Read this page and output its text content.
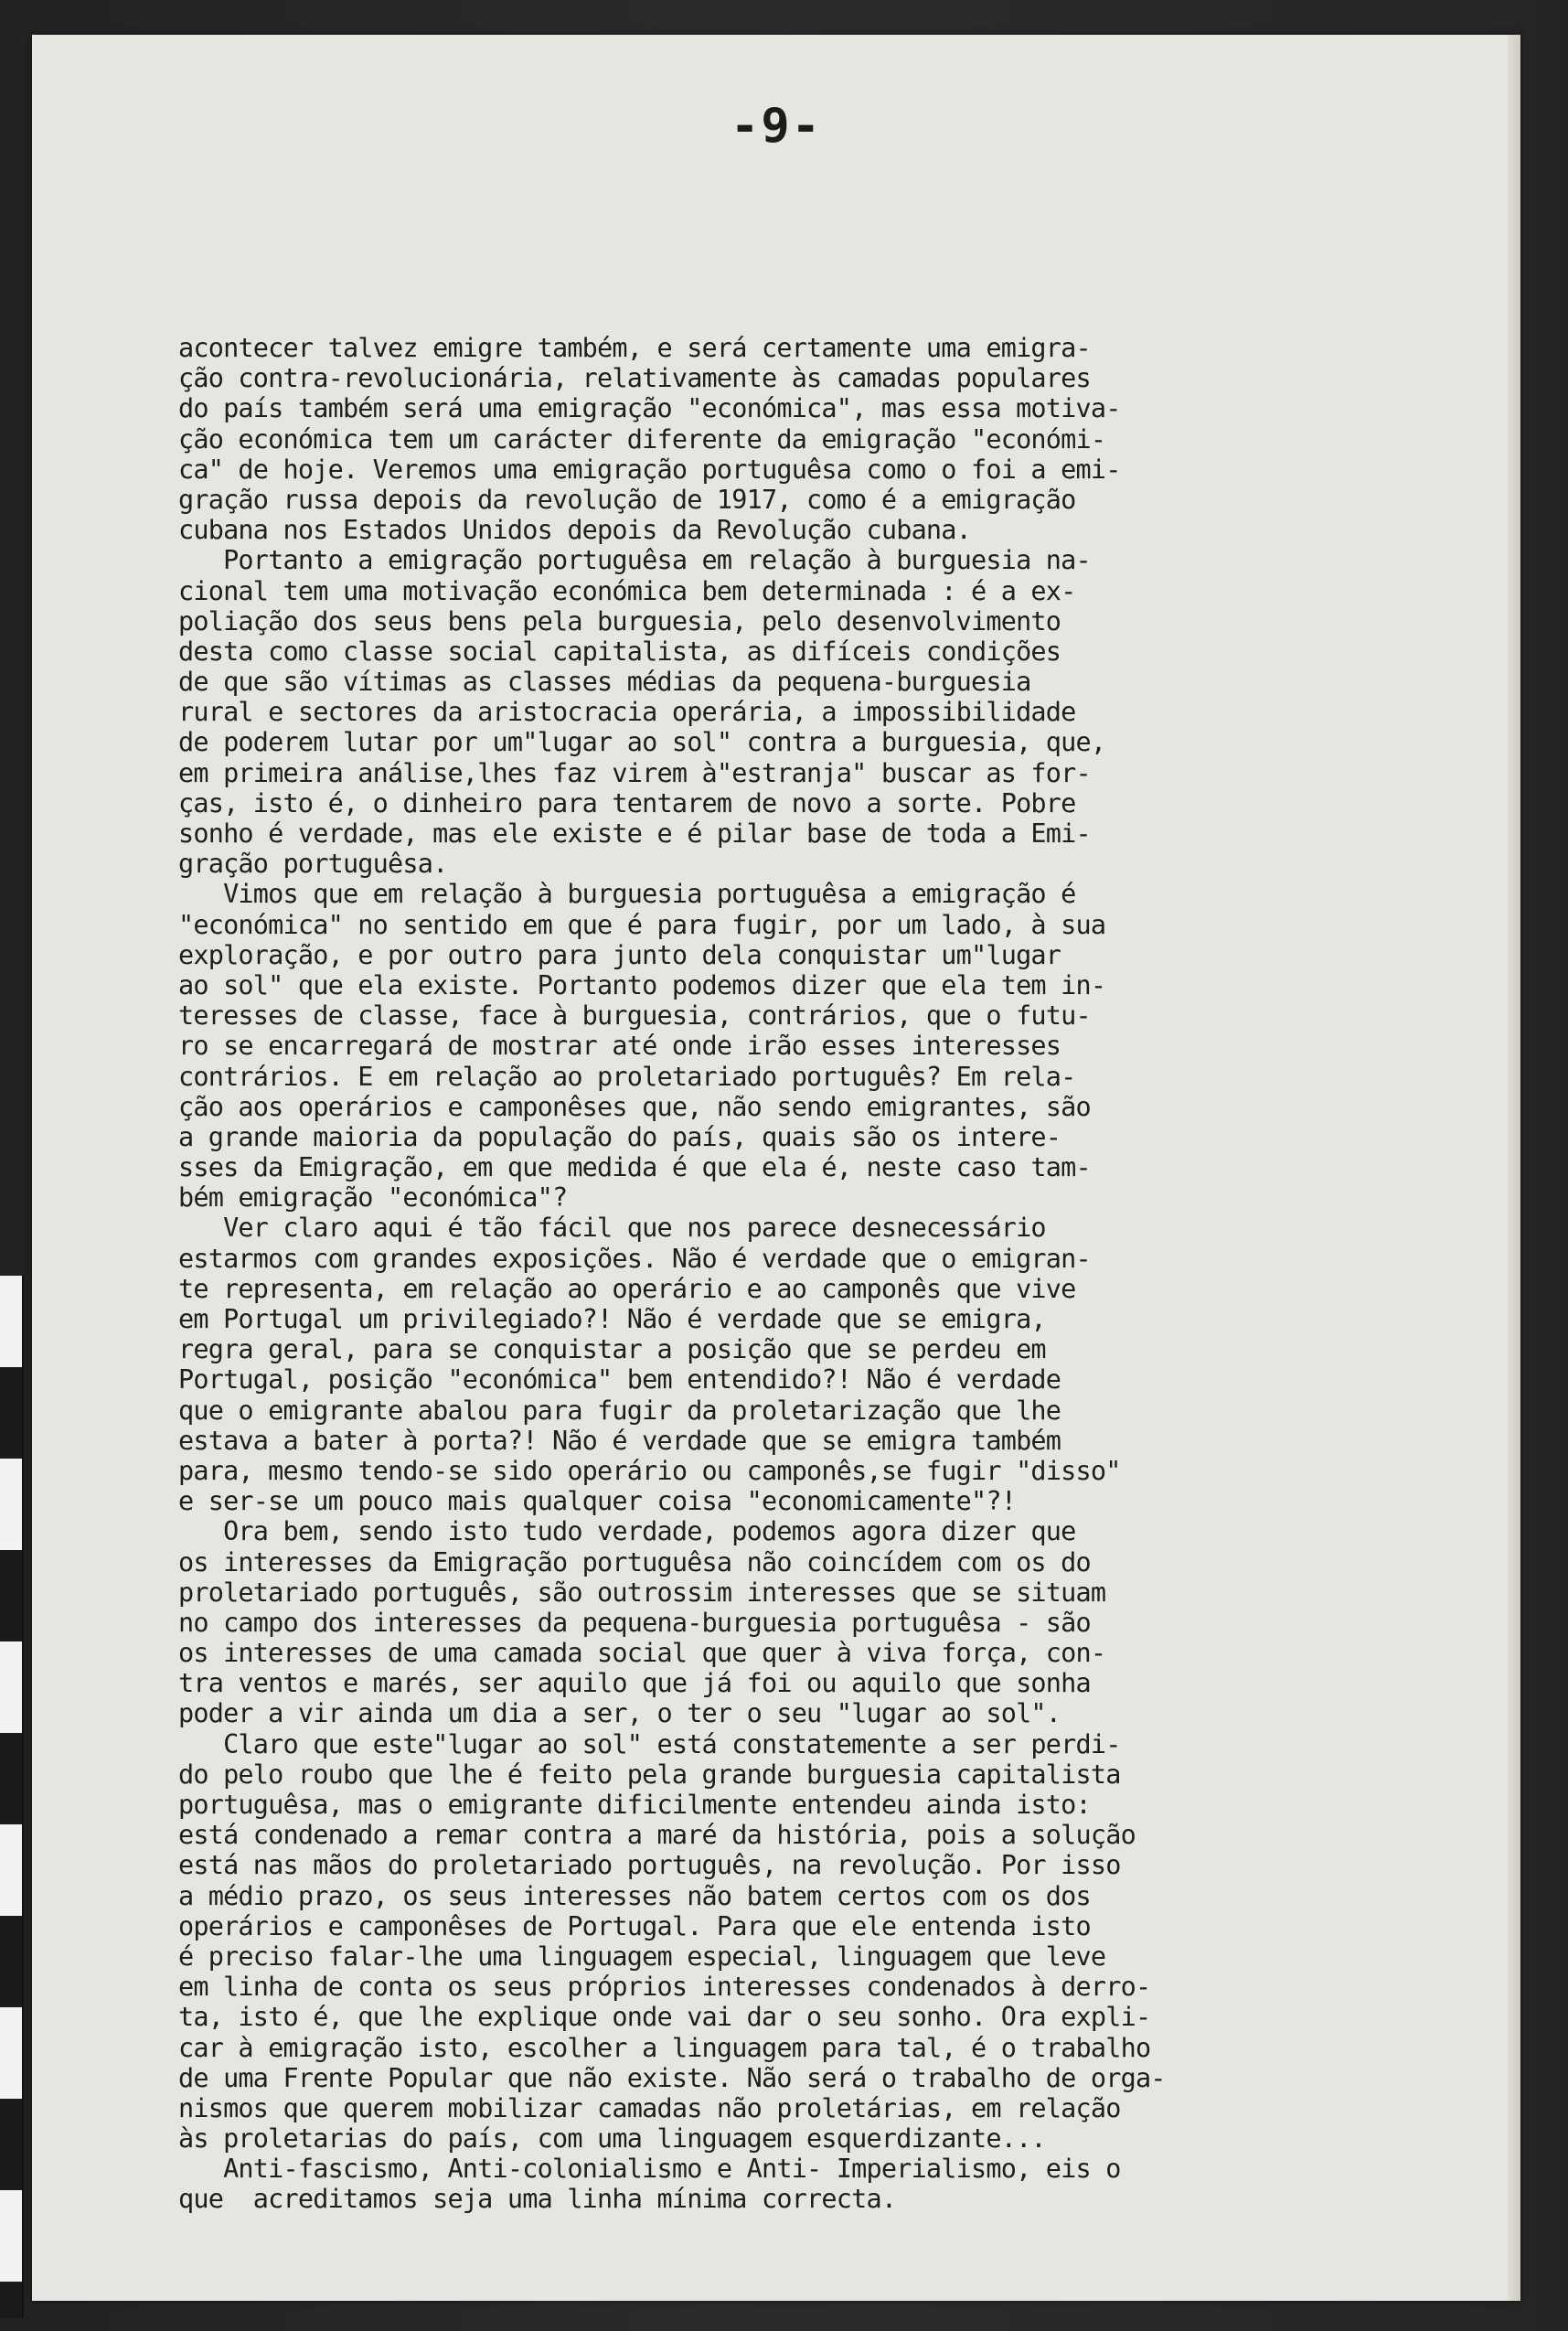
-9-
acontecer talvez emigre também, e será certamente uma emigra-
ção contra-revolucionária, relativamente às camadas populares
do país também será uma emigração "económica", mas essa motiva-
ção económica tem um carácter diferente da emigração "económi-
ca" de hoje. Veremos uma emigração portuguêsa como o foi a emi-
gração russa depois da revolução de 1917, como é a emigração
cubana nos Estados Unidos depois da Revolução cubana.
Portanto a emigração portuguêsa em relação à burguesia na-
cional tem uma motivação económica bem determinada : é a ex-
poliação dos seus bens pela burguesia, pelo desenvolvimento
desta como classe social capitalista, as difíceis condições
de que são vítimas as classes médias da pequena-burguesia
rural e sectores da aristocracia operária, a impossibilidade
de poderem lutar por um"lugar ao sol" contra a burguesia, que,
em primeira análise,lhes faz virem à"estranja" buscar as for-
ças, isto é, o dinheiro para tentarem de novo a sorte. Pobre
sonho é verdade, mas ele existe e é pilar base de toda a Emi-
gração portuguêsa.
Vimos que em relação à burguesia portuguêsa a emigração é
"económica" no sentido em que é para fugir, por um lado, à sua
exploração, e por outro para junto dela conquistar um"lugar
ao sol" que ela existe. Portanto podemos dizer que ela tem in-
teresses de classe, face à burguesia, contrários, que o futu-
ro se encarregará de mostrar até onde irão esses interesses
contrários. E em relação ao proletariado português? Em rela-
ção aos operários e camponêses que, não sendo emigrantes, são
a grande maioria da população do país, quais são os intere-
sses da Emigração, em que medida é que ela é, neste caso tam-
bém emigração "económica"?
Ver claro aqui é tão fácil que nos parece desnecessário
estarmos com grandes exposições. Não é verdade que o emigran-
te representa, em relação ao operário e ao camponês que vive
em Portugal um privilegiado?! Não é verdade que se emigra,
regra geral, para se conquistar a posição que se perdeu em
Portugal, posição "económica" bem entendido?! Não é verdade
que o emigrante abalou para fugir da proletarização que lhe
estava a bater à porta?! Não é verdade que se emigra também
para, mesmo tendo-se sido operário ou camponês,se fugir "disso"
e ser-se um pouco mais qualquer coisa "economicamente"?!
Ora bem, sendo isto tudo verdade, podemos agora dizer que
os interesses da Emigração portuguêsa não coincídem com os do
proletariado português, são outrossim interesses que se situam
no campo dos interesses da pequena-burguesia portuguêsa - são
os interesses de uma camada social que quer à viva força, con-
tra ventos e marés, ser aquilo que já foi ou aquilo que sonha
poder a vir ainda um dia a ser, o ter o seu "lugar ao sol".
Claro que este"lugar ao sol" está constatemente a ser perdi-
do pelo roubo que lhe é feito pela grande burguesia capitalista
portuguêsa, mas o emigrante dificilmente entendeu ainda isto:
está condenado a remar contra a maré da história, pois a solução
está nas mãos do proletariado português, na revolução. Por isso
a médio prazo, os seus interesses não batem certos com os dos
operários e camponêses de Portugal. Para que ele entenda isto
é preciso falar-lhe uma linguagem especial, linguagem que leve
em linha de conta os seus próprios interesses condenados à derro-
ta, isto é, que lhe explique onde vai dar o seu sonho. Ora expli-
car à emigração isto, escolher a linguagem para tal, é o trabalho
de uma Frente Popular que não existe. Não será o trabalho de orga-
nismos que querem mobilizar camadas não proletárias, em relação
às proletarias do país, com uma linguagem esquerdizante...
Anti-fascismo, Anti-colonialismo e Anti- Imperialismo, eis o
que  acreditamos seja uma linha mínima correcta.
